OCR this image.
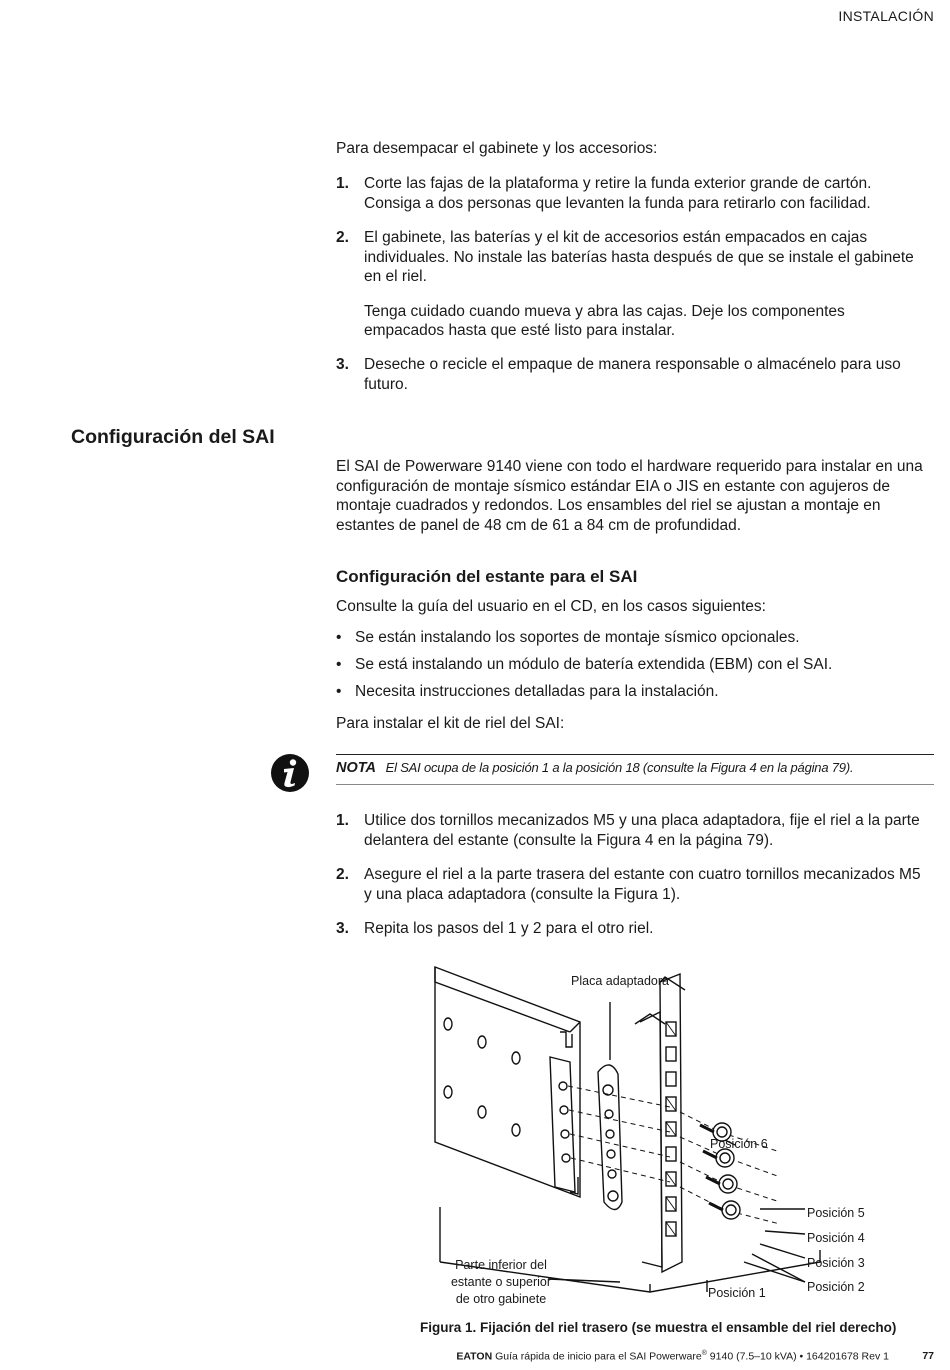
INSTALACIÓN
Para desempacar el gabinete y los accesorios:
1. Corte las fajas de la plataforma y retire la funda exterior grande de cartón. Consiga a dos personas que levanten la funda para retirarlo con facilidad.
2. El gabinete, las baterías y el kit de accesorios están empacados en cajas individuales. No instale las baterías hasta después de que se instale el gabinete en el riel.
Tenga cuidado cuando mueva y abra las cajas. Deje los componentes empacados hasta que esté listo para instalar.
3. Deseche o recicle el empaque de manera responsable o almacénelo para uso futuro.
Configuración del SAI
El SAI de Powerware 9140 viene con todo el hardware requerido para instalar en una configuración de montaje sísmico estándar EIA o JIS en estante con agujeros de montaje cuadrados y redondos. Los ensambles del riel se ajustan a montaje en estantes de panel de 48 cm de 61 a 84 cm de profundidad.
Configuración del estante para el SAI
Consulte la guía del usuario en el CD, en los casos siguientes:
• Se están instalando los soportes de montaje sísmico opcionales.
• Se está instalando un módulo de batería extendida (EBM) con el SAI.
• Necesita instrucciones detalladas para la instalación.
Para instalar el kit de riel del SAI:
NOTA El SAI ocupa de la posición 1 a la posición 18 (consulte la Figura 4 en la página 79).
1. Utilice dos tornillos mecanizados M5 y una placa adaptadora, fije el riel a la parte delantera del estante (consulte la Figura 4 en la página 79).
2. Asegure el riel a la parte trasera del estante con cuatro tornillos mecanizados M5 y una placa adaptadora (consulte la Figura 1).
3. Repita los pasos del 1 y 2 para el otro riel.
Placa adaptadora
Posición 6
Posición 5
Posición 4
Posición 3
Posición 2
Posición 1
Parte inferior del
estante o superior
de otro gabinete
Figura 1. Fijación del riel trasero (se muestra el ensamble del riel derecho)
EATON Guía rápida de inicio para el SAI Powerware® 9140 (7.5–10 kVA) • 164201678 Rev 1	77
